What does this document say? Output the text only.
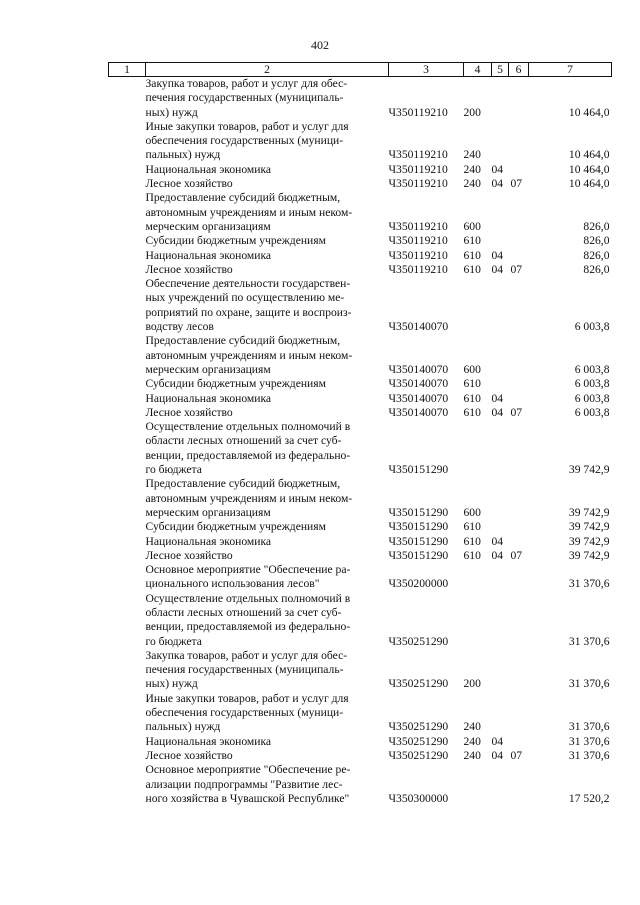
402
1	2	3	4	5	6	7
	Закупка товаров, работ и услуг для обес-
печения государственных (муниципаль-
ных) нужд	Ч350119210	200			10 464,0
	Иные закупки товаров, работ и услуг для
обеспечения государственных (муници-
пальных) нужд	Ч350119210	240			10 464,0
	Национальная экономика	Ч350119210	240	04		10 464,0
	Лесное хозяйство	Ч350119210	240	04	07	10 464,0
	Предоставление субсидий бюджетным,
автономным учреждениям и иным неком-
мерческим организациям	Ч350119210	600			826,0
	Субсидии бюджетным учреждениям	Ч350119210	610			826,0
	Национальная экономика	Ч350119210	610	04		826,0
	Лесное хозяйство	Ч350119210	610	04	07	826,0
	Обеспечение деятельности государствен-
ных учреждений по осуществлению ме-
роприятий по охране, защите и воспроиз-
водству лесов	Ч350140070				6 003,8
	Предоставление субсидий бюджетным,
автономным учреждениям и иным неком-
мерческим организациям	Ч350140070	600			6 003,8
	Субсидии бюджетным учреждениям	Ч350140070	610			6 003,8
	Национальная экономика	Ч350140070	610	04		6 003,8
	Лесное хозяйство	Ч350140070	610	04	07	6 003,8
	Осуществление отдельных полномочий в
области лесных отношений за счет суб-
венции, предоставляемой из федерально-
го бюджета	Ч350151290				39 742,9
	Предоставление субсидий бюджетным,
автономным учреждениям и иным неком-
мерческим организациям	Ч350151290	600			39 742,9
	Субсидии бюджетным учреждениям	Ч350151290	610			39 742,9
	Национальная экономика	Ч350151290	610	04		39 742,9
	Лесное хозяйство	Ч350151290	610	04	07	39 742,9
	Основное мероприятие "Обеспечение ра-
ционального использования лесов"	Ч350200000				31 370,6
	Осуществление отдельных полномочий в
области лесных отношений за счет суб-
венции, предоставляемой из федерально-
го бюджета	Ч350251290				31 370,6
	Закупка товаров, работ и услуг для обес-
печения государственных (муниципаль-
ных) нужд	Ч350251290	200			31 370,6
	Иные закупки товаров, работ и услуг для
обеспечения государственных (муници-
пальных) нужд	Ч350251290	240			31 370,6
	Национальная экономика	Ч350251290	240	04		31 370,6
	Лесное хозяйство	Ч350251290	240	04	07	31 370,6
	Основное мероприятие "Обеспечение ре-
ализации подпрограммы "Развитие лес-
ного хозяйства в Чувашской Республике"	Ч350300000				17 520,2
